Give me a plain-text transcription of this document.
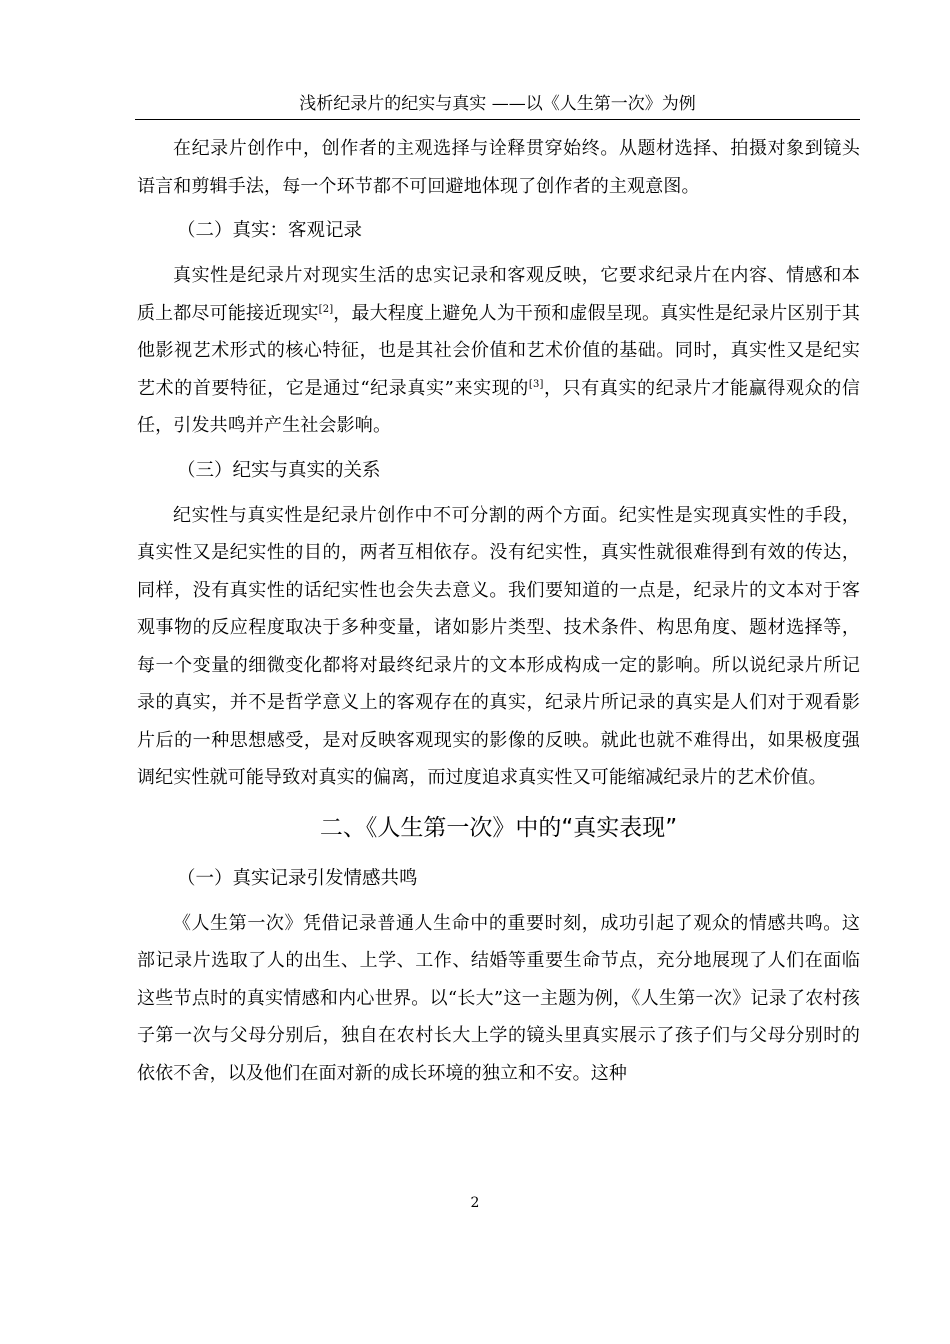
浅析纪录片的纪实与真实 ——以《人生第一次》为例

在纪录片创作中，创作者的主观选择与诠释贯穿始终。从题材选择、拍摄对象到镜头语言和剪辑手法，每一个环节都不可回避地体现了创作者的主观意图。

（二）真实：客观记录

真实性是纪录片对现实生活的忠实记录和客观反映，它要求纪录片在内容、情感和本质上都尽可能接近现实[2]，最大程度上避免人为干预和虚假呈现。真实性是纪录片区别于其他影视艺术形式的核心特征，也是其社会价值和艺术价值的基础。同时，真实性又是纪实艺术的首要特征，它是通过“纪录真实”来实现的[3]，只有真实的纪录片才能赢得观众的信任，引发共鸣并产生社会影响。

（三）纪实与真实的关系

纪实性与真实性是纪录片创作中不可分割的两个方面。纪实性是实现真实性的手段，真实性又是纪实性的目的，两者互相依存。没有纪实性，真实性就很难得到有效的传达，同样，没有真实性的话纪实性也会失去意义。我们要知道的一点是，纪录片的文本对于客观事物的反应程度取决于多种变量，诸如影片类型、技术条件、构思角度、题材选择等，每一个变量的细微变化都将对最终纪录片的文本形成构成一定的影响。所以说纪录片所记录的真实，并不是哲学意义上的客观存在的真实，纪录片所记录的真实是人们对于观看影片后的一种思想感受，是对反映客观现实的影像的反映。就此也就不难得出，如果极度强调纪实性就可能导致对真实的偏离，而过度追求真实性又可能缩减纪录片的艺术价值。

二、《人生第一次》中的“真实表现”

（一）真实记录引发情感共鸣

《人生第一次》凭借记录普通人生命中的重要时刻，成功引起了观众的情感共鸣。这部记录片选取了人的出生、上学、工作、结婚等重要生命节点，充分地展现了人们在面临这些节点时的真实情感和内心世界。以“长大”这一主题为例，《人生第一次》记录了农村孩子第一次与父母分别后，独自在农村长大上学的镜头里真实展示了孩子们与父母分别时的依依不舍，以及他们在面对新的成长环境的独立和不安。这种

2
